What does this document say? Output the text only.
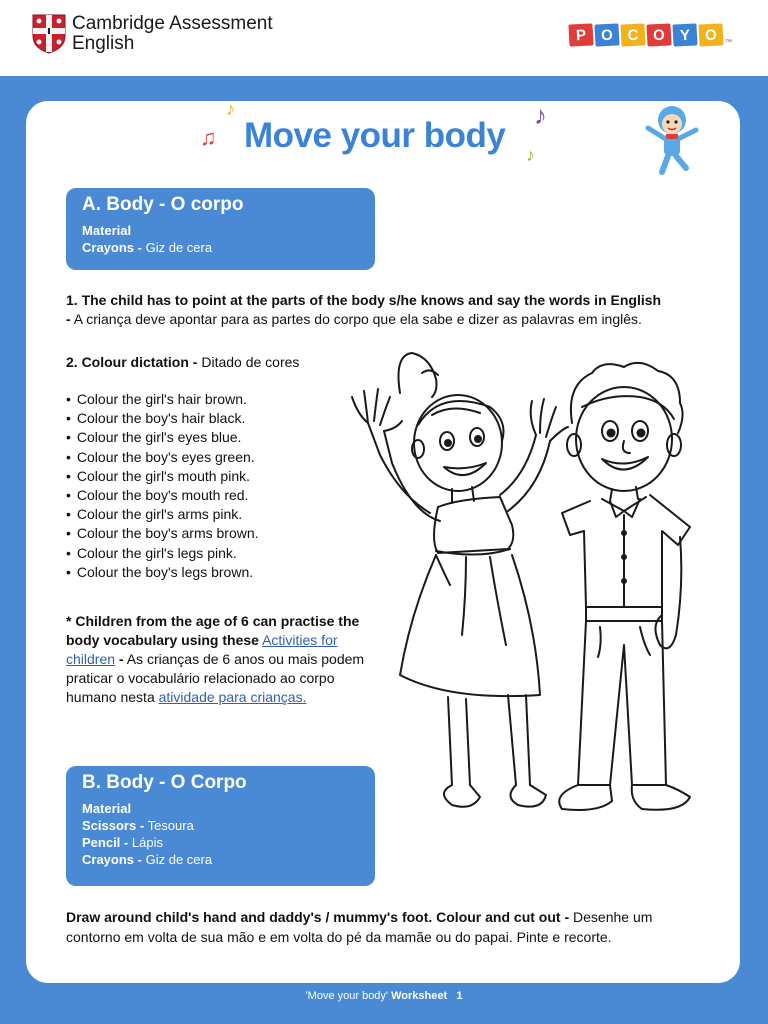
Cambridge Assessment
English	P O C O Y O	™
♫
♪
Move your body
♪
♪
A. Body - O corpo
Material
Crayons - Giz de cera
1. The child has to point at the parts of the body s/he knows and say the words in English
- A criança deve apontar para as partes do corpo que ela sabe e dizer as palavras em inglês.
2. Colour dictation - Ditado de cores
• Colour the girl's hair brown.
• Colour the boy's hair black.
• Colour the girl's eyes blue.
• Colour the boy's eyes green.
• Colour the girl's mouth pink.
• Colour the boy's mouth red.
• Colour the girl's arms pink.
• Colour the boy's arms brown.
• Colour the girl's legs pink.
• Colour the boy's legs brown.
* Children from the age of 6 can practise the body vocabulary using these Activities for children - As crianças de 6 anos ou mais podem praticar o vocabulário relacionado ao corpo humano nesta atividade para crianças.
B. Body - O Corpo
Material
Scissors - Tesoura
Pencil - Lápis
Crayons - Giz de cera
Draw around child's hand and daddy's / mummy's foot. Colour and cut out - Desenhe um contorno em volta de sua mão e em volta do pé da mamãe ou do papai. Pinte e recorte.
'Move your body' Worksheet 1
